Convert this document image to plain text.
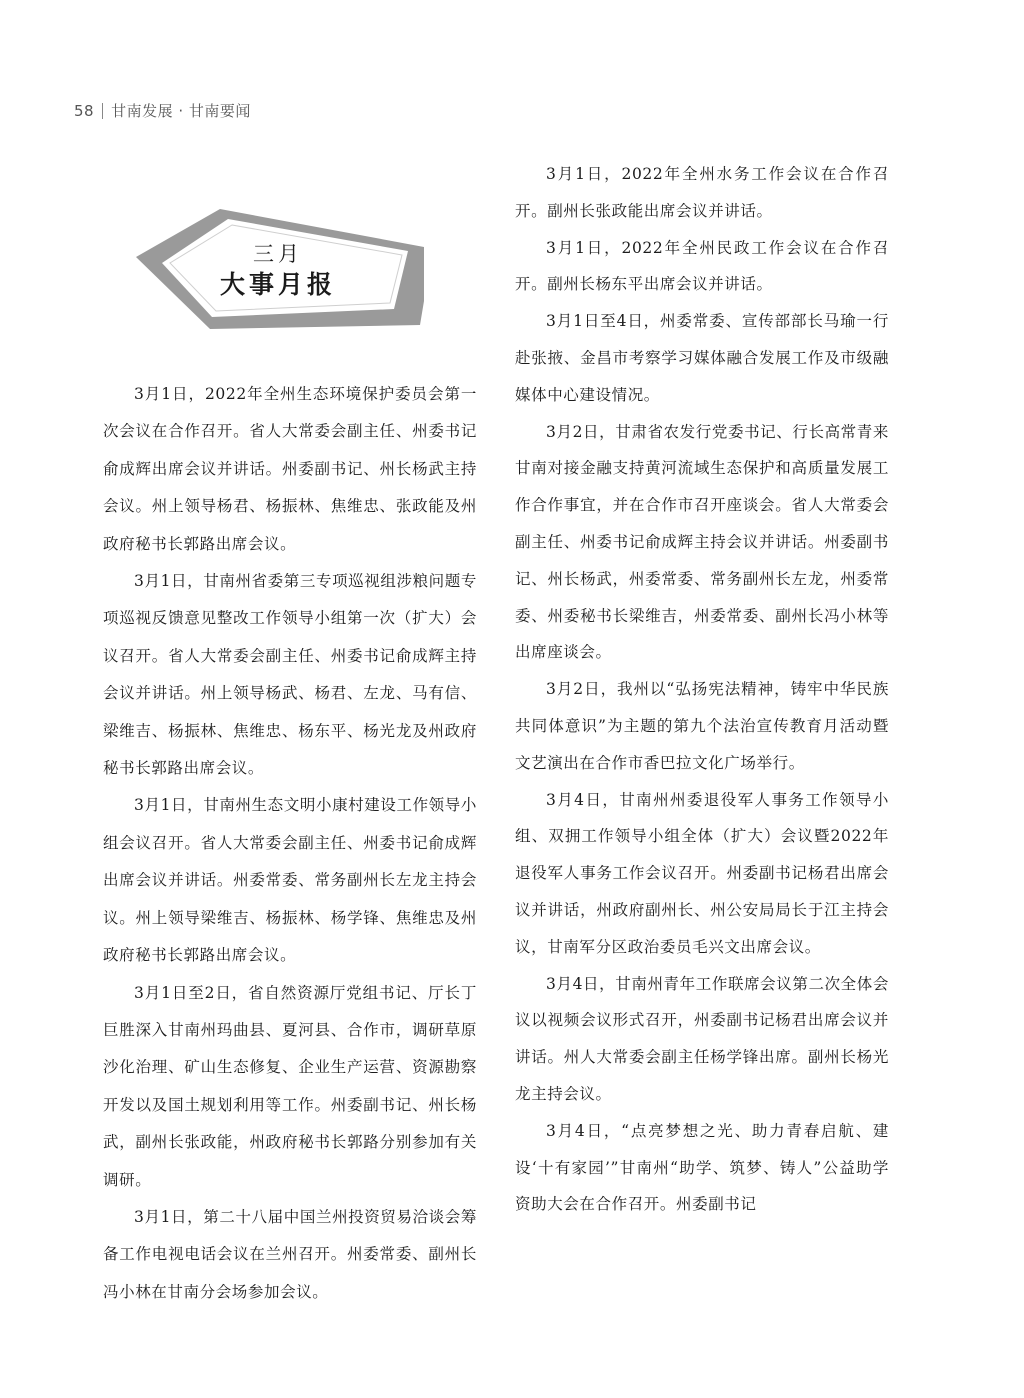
58 甘南发展 · 甘南要闻
三月
大事月报

3月1日，2022年全州生态环境保护委员会第一次会议在合作召开。省人大常委会副主任、州委书记俞成辉出席会议并讲话。州委副书记、州长杨武主持会议。州上领导杨君、杨振林、焦维忠、张政能及州政府秘书长郭路出席会议。

3月1日，甘南州省委第三专项巡视组涉粮问题专项巡视反馈意见整改工作领导小组第一次（扩大）会议召开。省人大常委会副主任、州委书记俞成辉主持会议并讲话。州上领导杨武、杨君、左龙、马有信、梁维吉、杨振林、焦维忠、杨东平、杨光龙及州政府秘书长郭路出席会议。

3月1日，甘南州生态文明小康村建设工作领导小组会议召开。省人大常委会副主任、州委书记俞成辉出席会议并讲话。州委常委、常务副州长左龙主持会议。州上领导梁维吉、杨振林、杨学锋、焦维忠及州政府秘书长郭路出席会议。

3月1日至2日，省自然资源厅党组书记、厅长丁巨胜深入甘南州玛曲县、夏河县、合作市，调研草原沙化治理、矿山生态修复、企业生产运营、资源勘察开发以及国土规划利用等工作。州委副书记、州长杨武，副州长张政能，州政府秘书长郭路分别参加有关调研。

3月1日，第二十八届中国兰州投资贸易洽谈会筹备工作电视电话会议在兰州召开。州委常委、副州长冯小林在甘南分会场参加会议。

3月1日，2022年全州水务工作会议在合作召开。副州长张政能出席会议并讲话。

3月1日，2022年全州民政工作会议在合作召开。副州长杨东平出席会议并讲话。

3月1日至4日，州委常委、宣传部部长马瑜一行赴张掖、金昌市考察学习媒体融合发展工作及市级融媒体中心建设情况。

3月2日，甘肃省农发行党委书记、行长高常青来甘南对接金融支持黄河流域生态保护和高质量发展工作合作事宜，并在合作市召开座谈会。省人大常委会副主任、州委书记俞成辉主持会议并讲话。州委副书记、州长杨武，州委常委、常务副州长左龙，州委常委、州委秘书长梁维吉，州委常委、副州长冯小林等出席座谈会。

3月2日，我州以“弘扬宪法精神，铸牢中华民族共同体意识”为主题的第九个法治宣传教育月活动暨文艺演出在合作市香巴拉文化广场举行。

3月4日，甘南州州委退役军人事务工作领导小组、双拥工作领导小组全体（扩大）会议暨2022年退役军人事务工作会议召开。州委副书记杨君出席会议并讲话，州政府副州长、州公安局局长于江主持会议，甘南军分区政治委员毛兴文出席会议。

3月4日，甘南州青年工作联席会议第二次全体会议以视频会议形式召开，州委副书记杨君出席会议并讲话。州人大常委会副主任杨学锋出席。副州长杨光龙主持会议。

3月4日，“点亮梦想之光、助力青春启航、建设‘十有家园’”甘南州“助学、筑梦、铸人”公益助学资助大会在合作召开。州委副书记
